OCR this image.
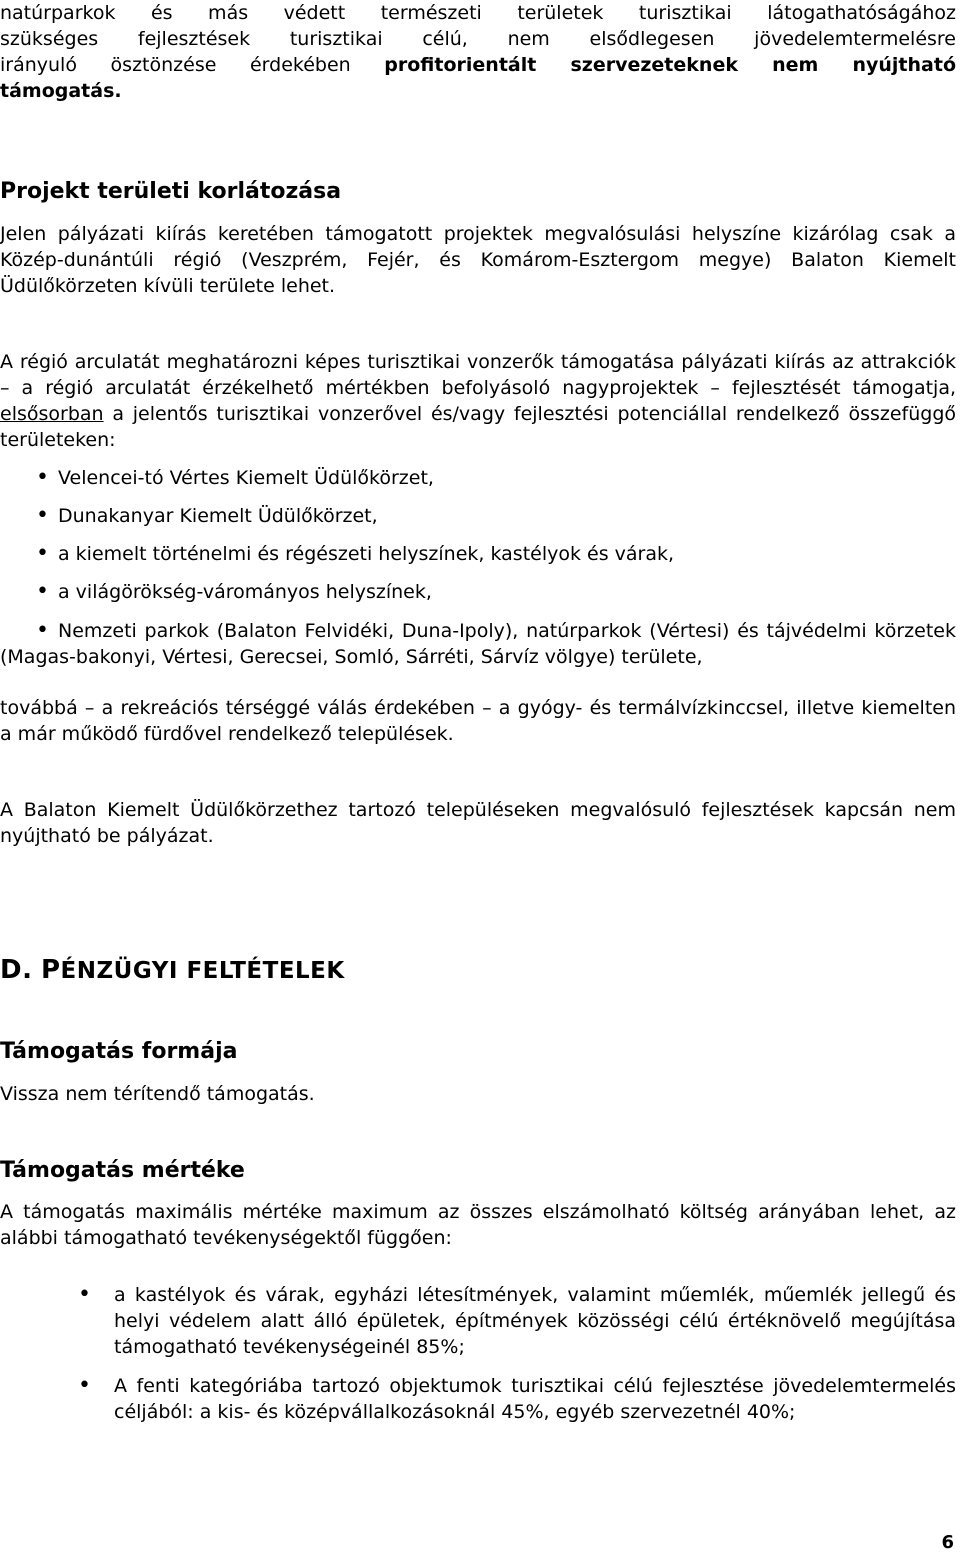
natúrparkok és más védett természeti területek turisztikai látogathatóságához

szükséges fejlesztések turisztikai célú, nem elsődlegesen jövedelemtermelésre

irányuló ösztönzése érdekében profitorientált szervezeteknek nem nyújtható

támogatás.

Projekt területi korlátozása

Jelen pályázati kiírás keretében támogatott projektek megvalósulási helyszíne kizárólag csak a Közép-dunántúli régió (Veszprém, Fejér, és Komárom-Esztergom megye) Balaton Kiemelt Üdülőkörzeten kívüli területe lehet.

A régió arculatát meghatározni képes turisztikai vonzerők támogatása pályázati kiírás az attrakciók – a régió arculatát érzékelhető mértékben befolyásoló nagyprojektek – fejlesztését támogatja, elsősorban a jelentős turisztikai vonzerővel és/vagy fejlesztési potenciállal rendelkező összefüggő területeken:

• Velencei-tó Vértes Kiemelt Üdülőkörzet,
• Dunakanyar Kiemelt Üdülőkörzet,
• a kiemelt történelmi és régészeti helyszínek, kastélyok és várak,
• a világörökség-várományos helyszínek,

• Nemzeti parkok (Balaton Felvidéki, Duna-Ipoly), natúrparkok (Vértesi) és tájvédelmi körzetek (Magas-bakonyi, Vértesi, Gerecsei, Somló, Sárréti, Sárvíz völgye) területe,

továbbá – a rekreációs térséggé válás érdekében – a gyógy- és termálvízkinccsel, illetve kiemelten a már működő fürdővel rendelkező települések.

A Balaton Kiemelt Üdülőkörzethez tartozó településeken megvalósuló fejlesztések kapcsán nem nyújtható be pályázat.

D. PÉNZÜGYI FELTÉTELEK
Támogatás formája

Vissza nem térítendő támogatás.

Támogatás mértéke

A támogatás maximális mértéke maximum az összes elszámolható költség arányában lehet, az alábbi támogatható tevékenységektől függően:

• a kastélyok és várak, egyházi létesítmények, valamint műemlék, műemlék jellegű és helyi védelem alatt álló épületek, építmények közösségi célú értéknövelő megújítása támogatható tevékenységeinél 85%;

• A fenti kategóriába tartozó objektumok turisztikai célú fejlesztése jövedelemtermelés céljából: a kis- és középvállalkozásoknál 45%, egyéb szervezetnél 40%;

6
